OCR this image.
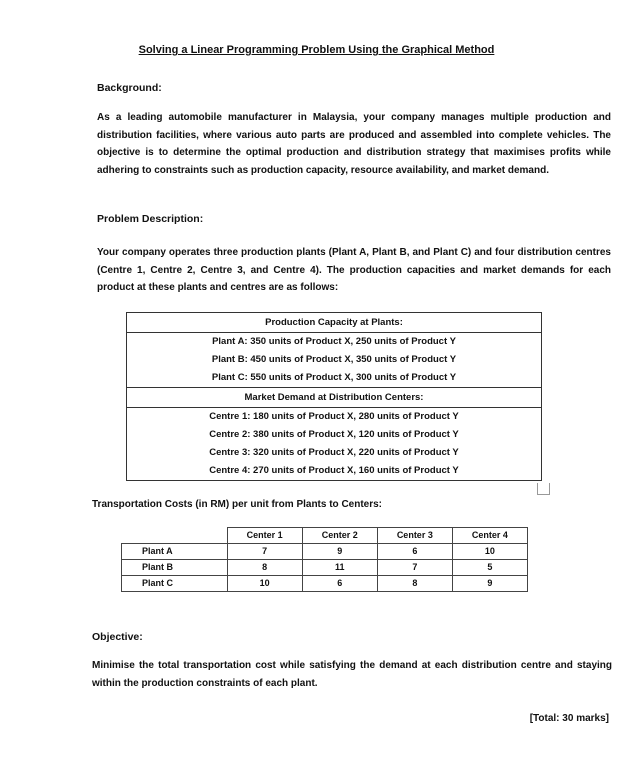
Solving a Linear Programming Problem Using the Graphical Method
Background:
As a leading automobile manufacturer in Malaysia, your company manages multiple production and distribution facilities, where various auto parts are produced and assembled into complete vehicles. The objective is to determine the optimal production and distribution strategy that maximises profits while adhering to constraints such as production capacity, resource availability, and market demand.
Problem Description:
Your company operates three production plants (Plant A, Plant B, and Plant C) and four distribution centres (Centre 1, Centre 2, Centre 3, and Centre 4). The production capacities and market demands for each product at these plants and centres are as follows:
Production Capacity at Plants:
Plant A: 350 units of Product X, 250 units of Product Y
Plant B: 450 units of Product X, 350 units of Product Y
Plant C: 550 units of Product X, 300 units of Product Y
Market Demand at Distribution Centers:
Centre 1: 180 units of Product X, 280 units of Product Y
Centre 2: 380 units of Product X, 120 units of Product Y
Centre 3: 320 units of Product X, 220 units of Product Y
Centre 4: 270 units of Product X, 160 units of Product Y
Transportation Costs (in RM) per unit from Plants to Centers:
	Center 1	Center 2	Center 3	Center 4
Plant A	7	9	6	10
Plant B	8	11	7	5
Plant C	10	6	8	9
Objective:
Minimise the total transportation cost while satisfying the demand at each distribution centre and staying within the production constraints of each plant.
[Total: 30 marks]
